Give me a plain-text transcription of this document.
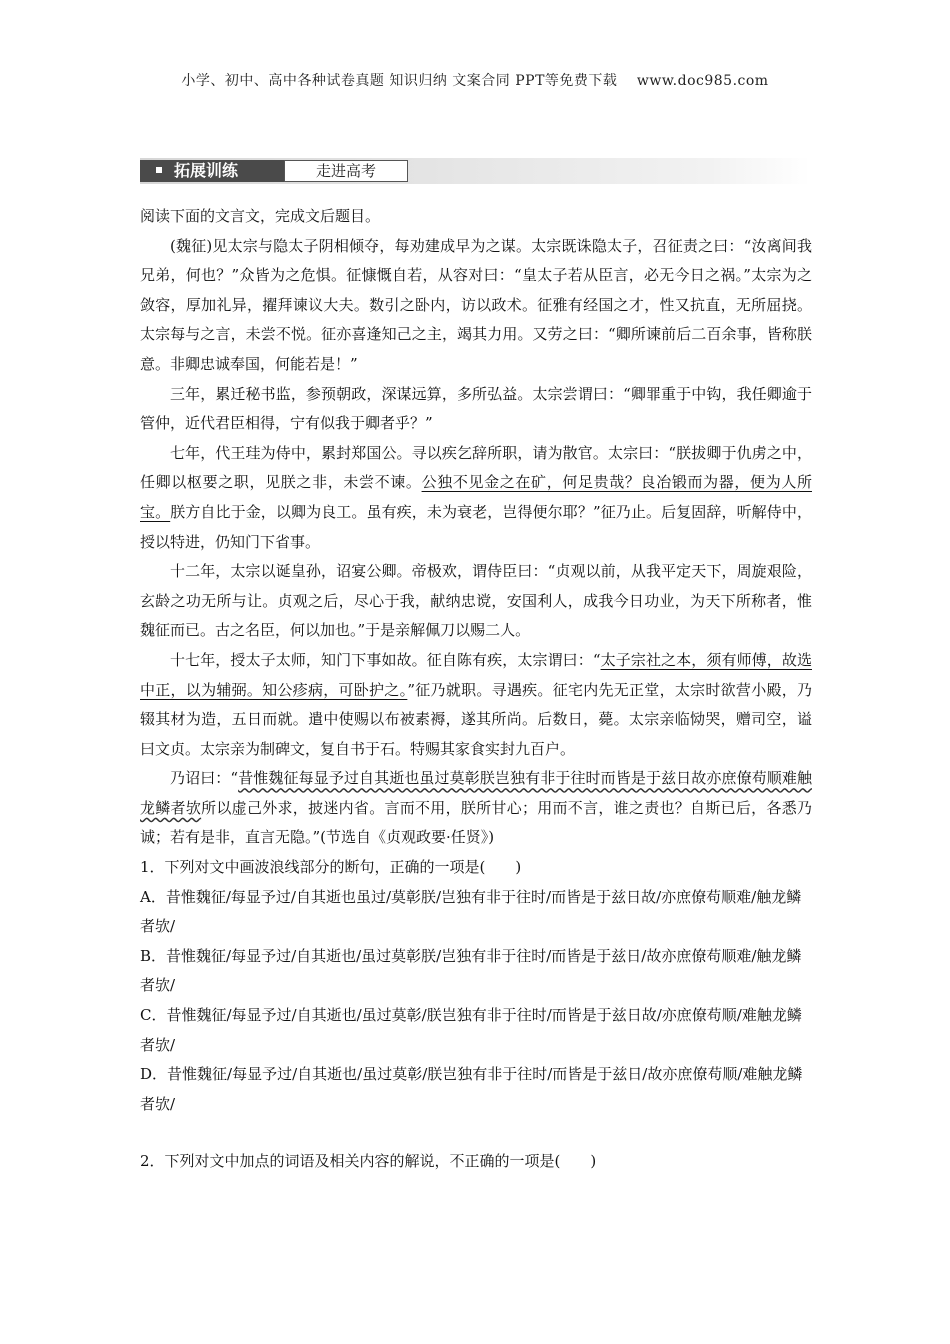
小学、初中、高中各种试卷真题 知识归纳 文案合同 PPT等免费下载　 www.doc985.com
拓展训练	走进高考

阅读下面的文言文，完成文后题目。

(魏征)见太宗与隐太子阴相倾夺，每劝建成早为之谋。太宗既诛隐太子，召征责之曰：“汝离间我兄弟，何也？”众皆为之危惧。征慷慨自若，从容对曰：“皇太子若从臣言，必无今日之祸。”太宗为之敛容，厚加礼异，擢拜谏议大夫。数引之卧内，访以政术。征雅有经国之才，性又抗直，无所屈挠。太宗每与之言，未尝不悦。征亦喜逢知己之主，竭其力用。又劳之曰：“卿所谏前后二百余事，皆称朕意。非卿忠诚奉国，何能若是！”

三年，累迁秘书监，参预朝政，深谋远算，多所弘益。太宗尝谓曰：“卿罪重于中钩，我任卿逾于管仲，近代君臣相得，宁有似我于卿者乎？”

七年，代王珪为侍中，累封郑国公。寻以疾乞辞所职，请为散官。太宗曰：“朕拔卿于仇虏之中，任卿以枢要之职，见朕之非，未尝不谏。公独不见金之在矿，何足贵哉？良冶锻而为器，便为人所宝。朕方自比于金，以卿为良工。虽有疾，未为衰老，岂得便尔耶？”征乃止。后复固辞，听解侍中，授以特进，仍知门下省事。

十二年，太宗以诞皇孙，诏宴公卿。帝极欢，谓侍臣曰：“贞观以前，从我平定天下，周旋艰险，玄龄之功无所与让。贞观之后，尽心于我，献纳忠谠，安国利人，成我今日功业，为天下所称者，惟魏征而已。古之名臣，何以加也。”于是亲解佩刀以赐二人。

十七年，授太子太师，知门下事如故。征自陈有疾，太宗谓曰：“太子宗社之本，须有师傅，故选中正，以为辅弼。知公疹病，可卧护之。”征乃就职。寻遇疾。征宅内先无正堂，太宗时欲营小殿，乃辍其材为造，五日而就。遣中使赐以布被素褥，遂其所尚。后数日，薨。太宗亲临恸哭，赠司空，谥曰文贞。太宗亲为制碑文，复自书于石。特赐其家食实封九百户。

乃诏曰：“昔惟魏征每显予过自其逝也虽过莫彰朕岂独有非于往时而皆是于兹日故亦庶僚苟顺难触龙鳞者欤所以虚己外求，披迷内省。言而不用，朕所甘心；用而不言，谁之责也？自斯已后，各悉乃诚；若有是非，直言无隐。”(节选自《贞观政要·任贤》)

1．下列对文中画波浪线部分的断句，正确的一项是(　　)

A．昔惟魏征/每显予过/自其逝也虽过/莫彰朕/岂独有非于往时/而皆是于兹日故/亦庶僚苟顺难/触龙鳞者欤/

B．昔惟魏征/每显予过/自其逝也/虽过莫彰朕/岂独有非于往时/而皆是于兹日/故亦庶僚苟顺难/触龙鳞者欤/

C．昔惟魏征/每显予过/自其逝也/虽过莫彰/朕岂独有非于往时/而皆是于兹日故/亦庶僚苟顺/难触龙鳞者欤/

D．昔惟魏征/每显予过/自其逝也/虽过莫彰/朕岂独有非于往时/而皆是于兹日/故亦庶僚苟顺/难触龙鳞者欤/

2．下列对文中加点的词语及相关内容的解说，不正确的一项是(　　)
